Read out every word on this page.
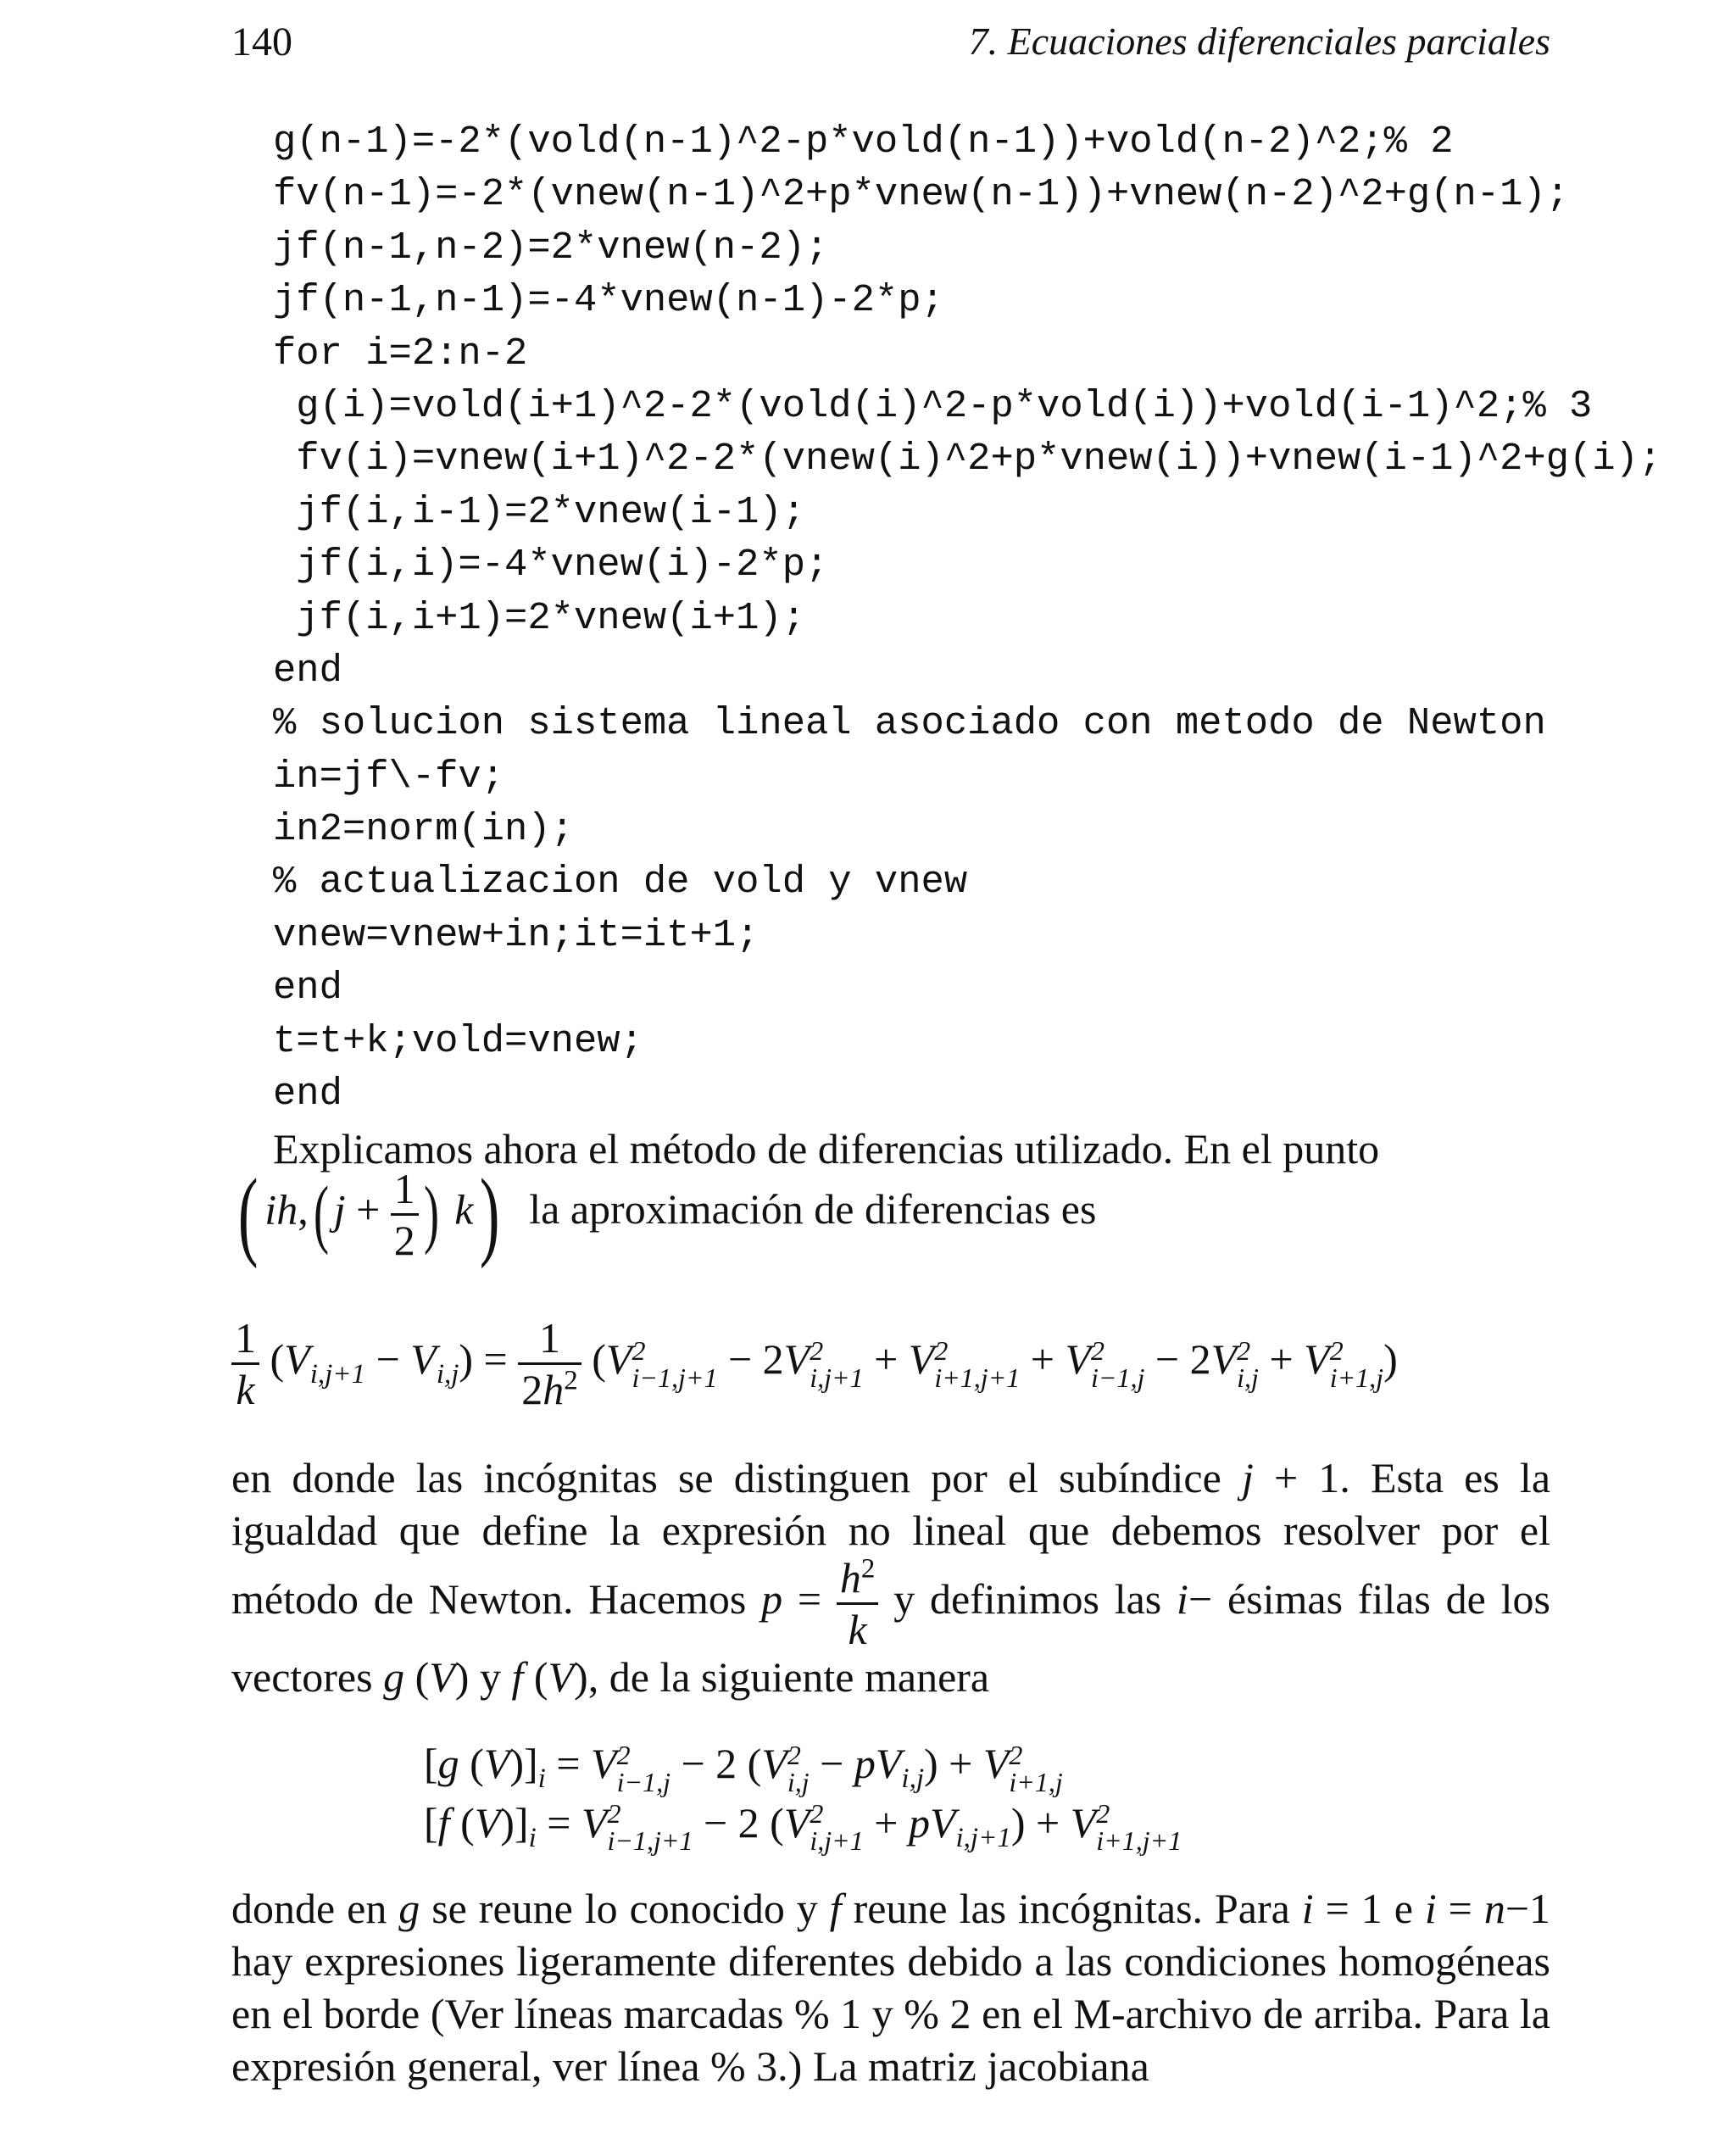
140	7. Ecuaciones diferenciales parciales
g(n-1)=-2*(vold(n-1)^2-p*vold(n-1))+vold(n-2)^2;% 2
fv(n-1)=-2*(vnew(n-1)^2+p*vnew(n-1))+vnew(n-2)^2+g(n-1);
jf(n-1,n-2)=2*vnew(n-2);
jf(n-1,n-1)=-4*vnew(n-1)-2*p;
for i=2:n-2
g(i)=vold(i+1)^2-2*(vold(i)^2-p*vold(i))+vold(i-1)^2;% 3
fv(i)=vnew(i+1)^2-2*(vnew(i)^2+p*vnew(i))+vnew(i-1)^2+g(i);
jf(i,i-1)=2*vnew(i-1);
jf(i,i)=-4*vnew(i)-2*p;
jf(i,i+1)=2*vnew(i+1);
end
% solucion sistema lineal asociado con metodo de Newton
in=jf\-fv;
in2=norm(in);
% actualizacion de vold y vnew
vnew=vnew+in;it=it+1;
end
t=t+k;vold=vnew;
end
Explicamos ahora el método de diferencias utilizado. En el punto
( ih,( $j + \frac{1}{2}$ ) k) la aproximación de diferencias es
$\frac{1}{k} (V_{i,j+1} - V_{i,j}) = \frac{1}{2h^2} (V$ 2
i−1,j+1 − 2V 2
i,j+1 + V 2
i+1,j+1 + V 2
i−1,j − 2V 2
i,j + V 2
i+1,j )

en donde las incógnitas se distinguen por el subíndice j + 1. Esta es la igualdad que define la expresión no lineal que debemos resolver por el método de Newton. Hacemos $p = \frac{h^2}{k}$ y definimos las i− ésimas filas de los vectores g (V) y f (V), de la siguiente manera

[g $(V)]_i = V$ 2
i−1,j − 2 (V 2
$i,j - pV_{i,j}) + V$ 2
i+1,j
[f $(V)]_i = V$ 2
i−1,j+1 − 2 (V 2
$i,j+1 + pV_{i,j+1}) + V$ 2
i+1,j+1

donde en g se reune lo conocido y f reune las incógnitas. Para i = 1 e i = n−1 hay expresiones ligeramente diferentes debido a las condiciones homogéneas en el borde (Ver líneas marcadas % 1 y % 2 en el M-archivo de arriba. Para la expresión general, ver línea % 3.) La matriz jacobiana
